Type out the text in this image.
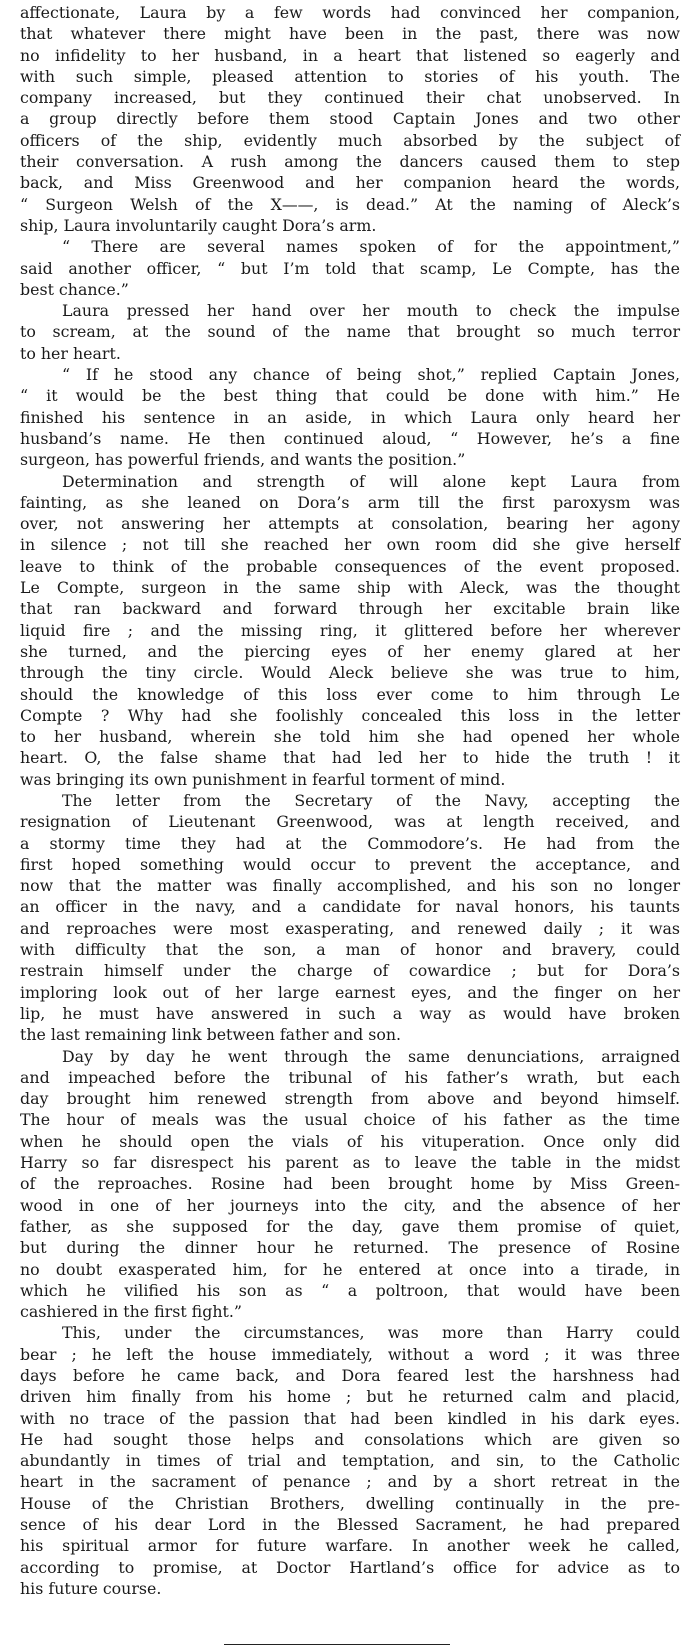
affectionate, Laura by a few words had convinced her companion,
that whatever there might have been in the past, there was now
no infidelity to her husband, in a heart that listened so eagerly and
with such simple, pleased attention to stories of his youth. The
company increased, but they continued their chat unobserved. In
a group directly before them stood Captain Jones and two other
officers of the ship, evidently much absorbed by the subject of
their conversation. A rush among the dancers caused them to step
back, and Miss Greenwood and her companion heard the words,
“ Surgeon Welsh of the X——, is dead.” At the naming of Aleck’s
ship, Laura involuntarily caught Dora’s arm.
“ There are several names spoken of for the appointment,”
said another officer, “ but I’m told that scamp, Le Compte, has the
best chance.”
Laura pressed her hand over her mouth to check the impulse
to scream, at the sound of the name that brought so much terror
to her heart.
“ If he stood any chance of being shot,” replied Captain Jones,
“ it would be the best thing that could be done with him.” He
finished his sentence in an aside, in which Laura only heard her
husband’s name. He then continued aloud, “ However, he’s a fine
surgeon, has powerful friends, and wants the position.”
Determination and strength of will alone kept Laura from
fainting, as she leaned on Dora’s arm till the first paroxysm was
over, not answering her attempts at consolation, bearing her agony
in silence ; not till she reached her own room did she give herself
leave to think of the probable consequences of the event proposed.
Le Compte, surgeon in the same ship with Aleck, was the thought
that ran backward and forward through her excitable brain like
liquid fire ; and the missing ring, it glittered before her wherever
she turned, and the piercing eyes of her enemy glared at her
through the tiny circle. Would Aleck believe she was true to him,
should the knowledge of this loss ever come to him through Le
Compte ? Why had she foolishly concealed this loss in the letter
to her husband, wherein she told him she had opened her whole
heart. O, the false shame that had led her to hide the truth ! it
was bringing its own punishment in fearful torment of mind.
The letter from the Secretary of the Navy, accepting the
resignation of Lieutenant Greenwood, was at length received, and
a stormy time they had at the Commodore’s. He had from the
first hoped something would occur to prevent the acceptance, and
now that the matter was finally accomplished, and his son no longer
an officer in the navy, and a candidate for naval honors, his taunts
and reproaches were most exasperating, and renewed daily ; it was
with difficulty that the son, a man of honor and bravery, could
restrain himself under the charge of cowardice ; but for Dora’s
imploring look out of her large earnest eyes, and the finger on her
lip, he must have answered in such a way as would have broken
the last remaining link between father and son.
Day by day he went through the same denunciations, arraigned
and impeached before the tribunal of his father’s wrath, but each
day brought him renewed strength from above and beyond himself.
The hour of meals was the usual choice of his father as the time
when he should open the vials of his vituperation. Once only did
Harry so far disrespect his parent as to leave the table in the midst
of the reproaches. Rosine had been brought home by Miss Green-
wood in one of her journeys into the city, and the absence of her
father, as she supposed for the day, gave them promise of quiet,
but during the dinner hour he returned. The presence of Rosine
no doubt exasperated him, for he entered at once into a tirade, in
which he vilified his son as “ a poltroon, that would have been
cashiered in the first fight.”
This, under the circumstances, was more than Harry could
bear ; he left the house immediately, without a word ; it was three
days before he came back, and Dora feared lest the harshness had
driven him finally from his home ; but he returned calm and placid,
with no trace of the passion that had been kindled in his dark eyes.
He had sought those helps and consolations which are given so
abundantly in times of trial and temptation, and sin, to the Catholic
heart in the sacrament of penance ; and by a short retreat in the
House of the Christian Brothers, dwelling continually in the pre-
sence of his dear Lord in the Blessed Sacrament, he had prepared
his spiritual armor for future warfare. In another week he called,
according to promise, at Doctor Hartland’s office for advice as to
his future course.
